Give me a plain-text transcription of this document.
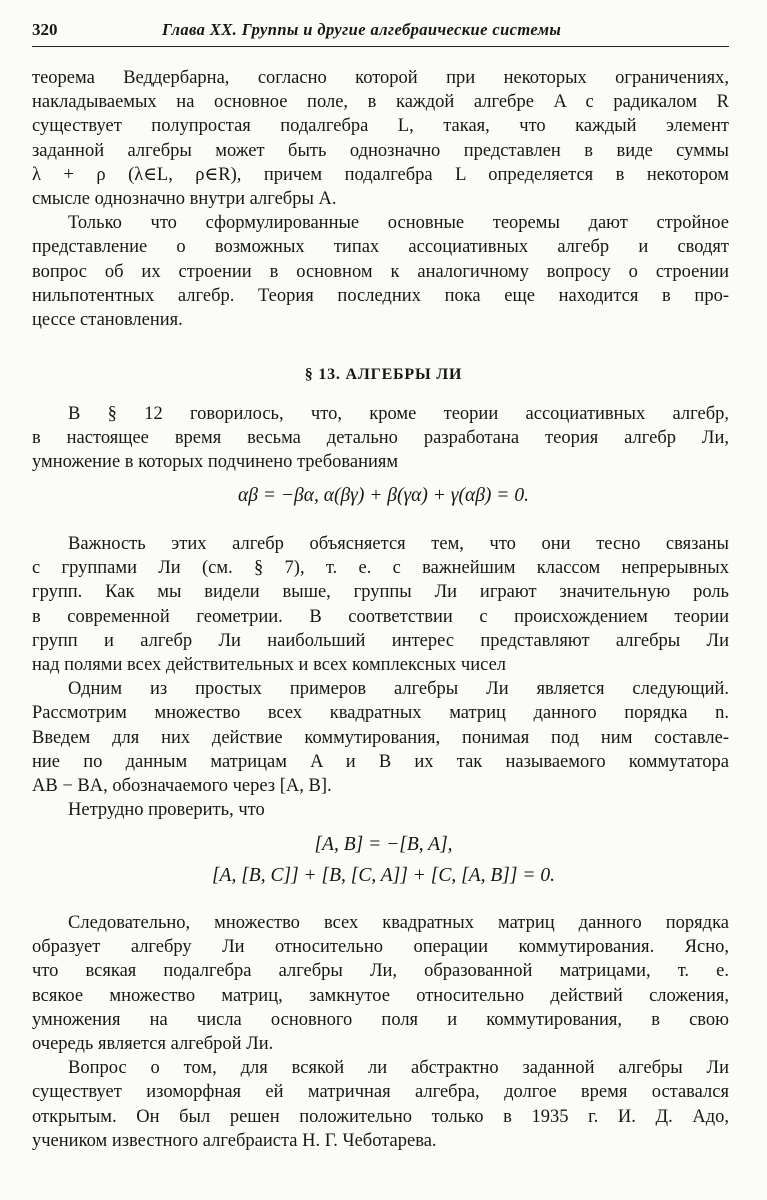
320	Глава XX. Группы и другие алгебраические системы
теорема Веддербарна, согласно которой при некоторых ограничениях,
накладываемых на основное поле, в каждой алгебре A с радикалом R
существует полупростая подалгебра L, такая, что каждый элемент
заданной алгебры может быть однозначно представлен в виде суммы
λ + ρ (λ∈L, ρ∈R), причем подалгебра L определяется в некотором
смысле однозначно внутри алгебры A.
Только что сформулированные основные теоремы дают стройное
представление о возможных типах ассоциативных алгебр и сводят
вопрос об их строении в основном к аналогичному вопросу о строении
нильпотентных алгебр. Теория последних пока еще находится в про-
цессе становления.
§ 13. АЛГЕБРЫ ЛИ
В § 12 говорилось, что, кроме теории ассоциативных алгебр,
в настоящее время весьма детально разработана теория алгебр Ли,
умножение в которых подчинено требованиям
αβ = −βα, α(βγ) + β(γα) + γ(αβ) = 0.
Важность этих алгебр объясняется тем, что они тесно связаны
с группами Ли (см. § 7), т. е. с важнейшим классом непрерывных
групп. Как мы видели выше, группы Ли играют значительную роль
в современной геометрии. В соответствии с происхождением теории
групп и алгебр Ли наибольший интерес представляют алгебры Ли
над полями всех действительных и всех комплексных чисел
Одним из простых примеров алгебры Ли является следующий.
Рассмотрим множество всех квадратных матриц данного порядка n.
Введем для них действие коммутирования, понимая под ним составле-
ние по данным матрицам A и B их так называемого коммутатора
AB − BA, обозначаемого через [A, B].
Нетрудно проверить, что
[A, B] = −[B, A],
[A, [B, C]] + [B, [C, A]] + [C, [A, B]] = 0.
Следовательно, множество всех квадратных матриц данного порядка
образует алгебру Ли относительно операции коммутирования. Ясно,
что всякая подалгебра алгебры Ли, образованной матрицами, т. е.
всякое множество матриц, замкнутое относительно действий сложения,
умножения на числа основного поля и коммутирования, в свою
очередь является алгеброй Ли.
Вопрос о том, для всякой ли абстрактно заданной алгебры Ли
существует изоморфная ей матричная алгебра, долгое время оставался
открытым. Он был решен положительно только в 1935 г. И. Д. Адо,
учеником известного алгебраиста Н. Г. Чеботарева.
